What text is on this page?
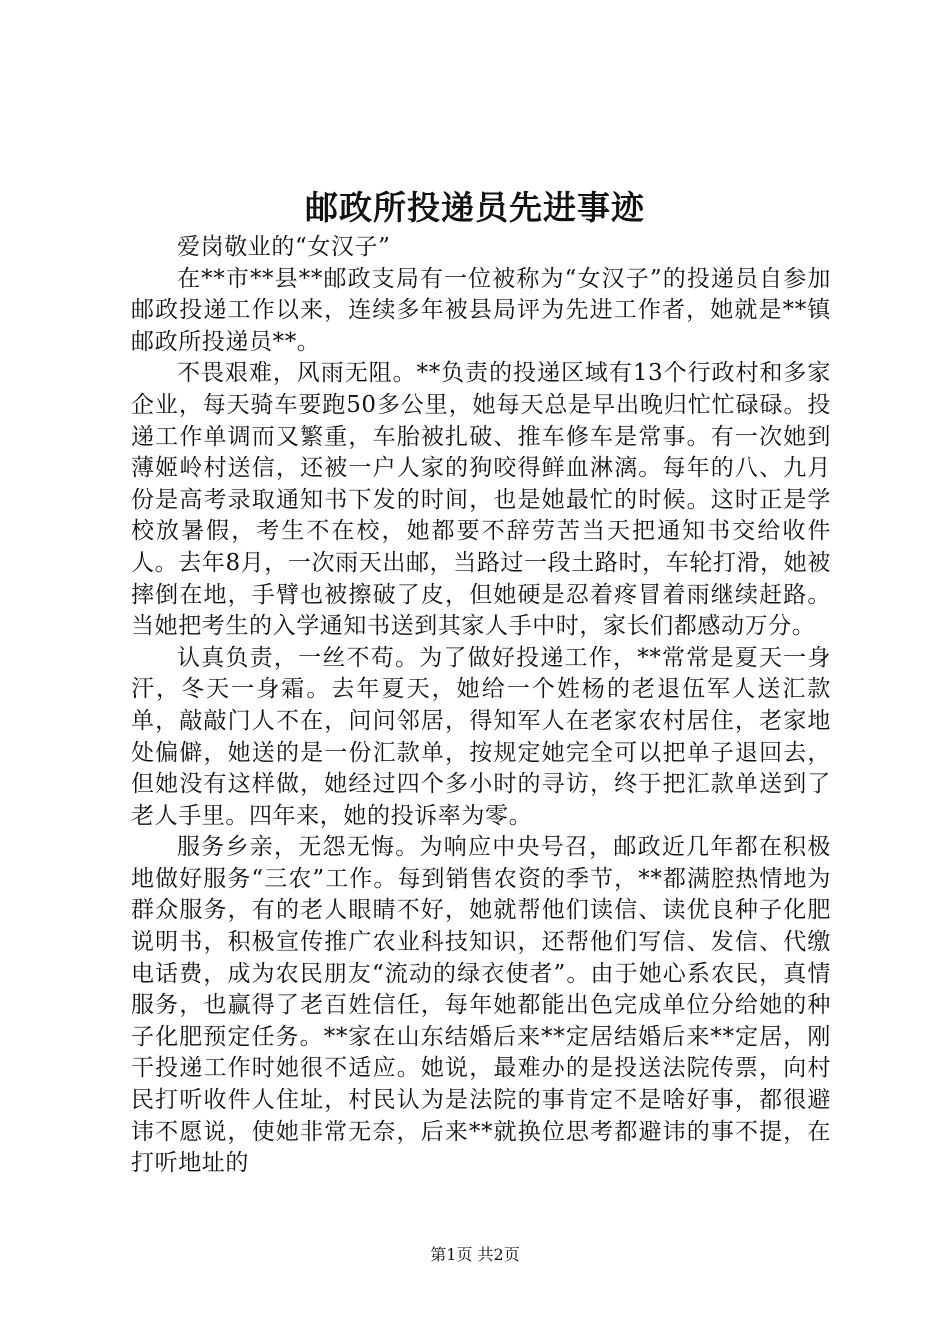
邮政所投递员先进事迹

爱岗敬业的“女汉子”

在**市**县**邮政支局有一位被称为“女汉子”的投递员自参加邮政投递工作以来，连续多年被县局评为先进工作者，她就是**镇邮政所投递员**。

不畏艰难，风雨无阻。**负责的投递区域有13个行政村和多家企业，每天骑车要跑50多公里，她每天总是早出晚归忙忙碌碌。投递工作单调而又繁重，车胎被扎破、推车修车是常事。有一次她到薄姬岭村送信，还被一户人家的狗咬得鲜血淋漓。每年的八、九月份是高考录取通知书下发的时间，也是她最忙的时候。这时正是学校放暑假，考生不在校，她都要不辞劳苦当天把通知书交给收件人。去年8月，一次雨天出邮，当路过一段土路时，车轮打滑，她被摔倒在地，手臂也被擦破了皮，但她硬是忍着疼冒着雨继续赶路。当她把考生的入学通知书送到其家人手中时，家长们都感动万分。

认真负责，一丝不苟。为了做好投递工作，**常常是夏天一身汗，冬天一身霜。去年夏天，她给一个姓杨的老退伍军人送汇款单，敲敲门人不在，问问邻居，得知军人在老家农村居住，老家地处偏僻，她送的是一份汇款单，按规定她完全可以把单子退回去，但她没有这样做，她经过四个多小时的寻访，终于把汇款单送到了老人手里。四年来，她的投诉率为零。

服务乡亲，无怨无悔。为响应中央号召，邮政近几年都在积极地做好服务“三农”工作。每到销售农资的季节，**都满腔热情地为群众服务，有的老人眼睛不好，她就帮他们读信、读优良种子化肥说明书，积极宣传推广农业科技知识，还帮他们写信、发信、代缴电话费，成为农民朋友“流动的绿衣使者”。由于她心系农民，真情服务，也赢得了老百姓信任，每年她都能出色完成单位分给她的种子化肥预定任务。**家在山东结婚后来**定居结婚后来**定居，刚干投递工作时她很不适应。她说，最难办的是投送法院传票，向村民打听收件人住址，村民认为是法院的事肯定不是啥好事，都很避讳不愿说，使她非常无奈，后来**就换位思考都避讳的事不提，在打听地址的

第1页 共2页
